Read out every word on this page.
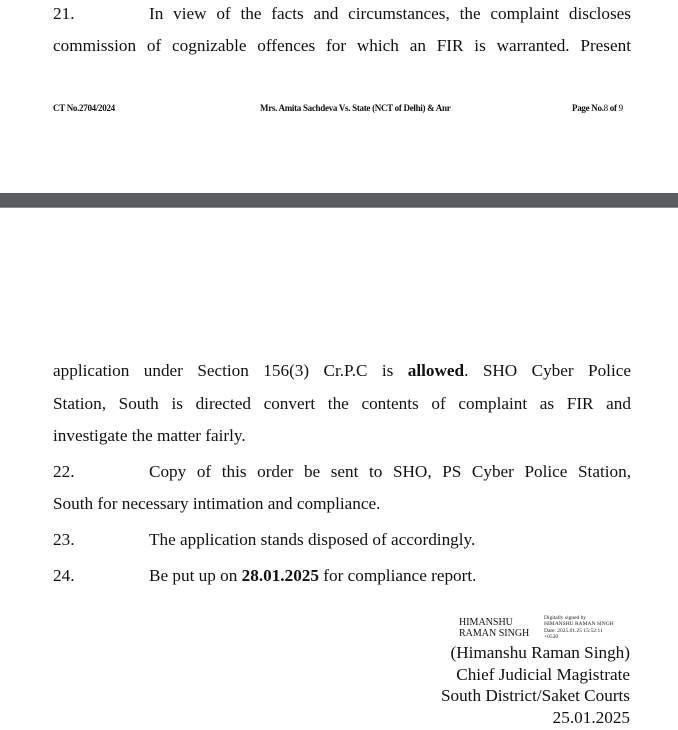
21.	In view of the facts and circumstances, the complaint discloses
commission of cognizable offences for which an FIR is warranted. Present
CT No.2704/2024	Mrs. Amita Sachdeva Vs. State (NCT of Delhi) & Anr	Page No.8 of 9
application under Section 156(3) Cr.P.C is allowed. SHO Cyber Police
Station, South is directed convert the contents of complaint as FIR and
investigate the matter fairly.
22.	Copy of this order be sent to SHO, PS Cyber Police Station,
South for necessary intimation and compliance.
23.	The application stands disposed of accordingly.
24.	Be put up on 28.01.2025 for compliance report.
HIMANSHU
RAMAN SINGH
Digitally signed by
HIMANSHU RAMAN SINGH
Date: 2025.01.25 15:52:11
+0530
(Himanshu Raman Singh)
Chief Judicial Magistrate
South District/Saket Courts
25.01.2025
